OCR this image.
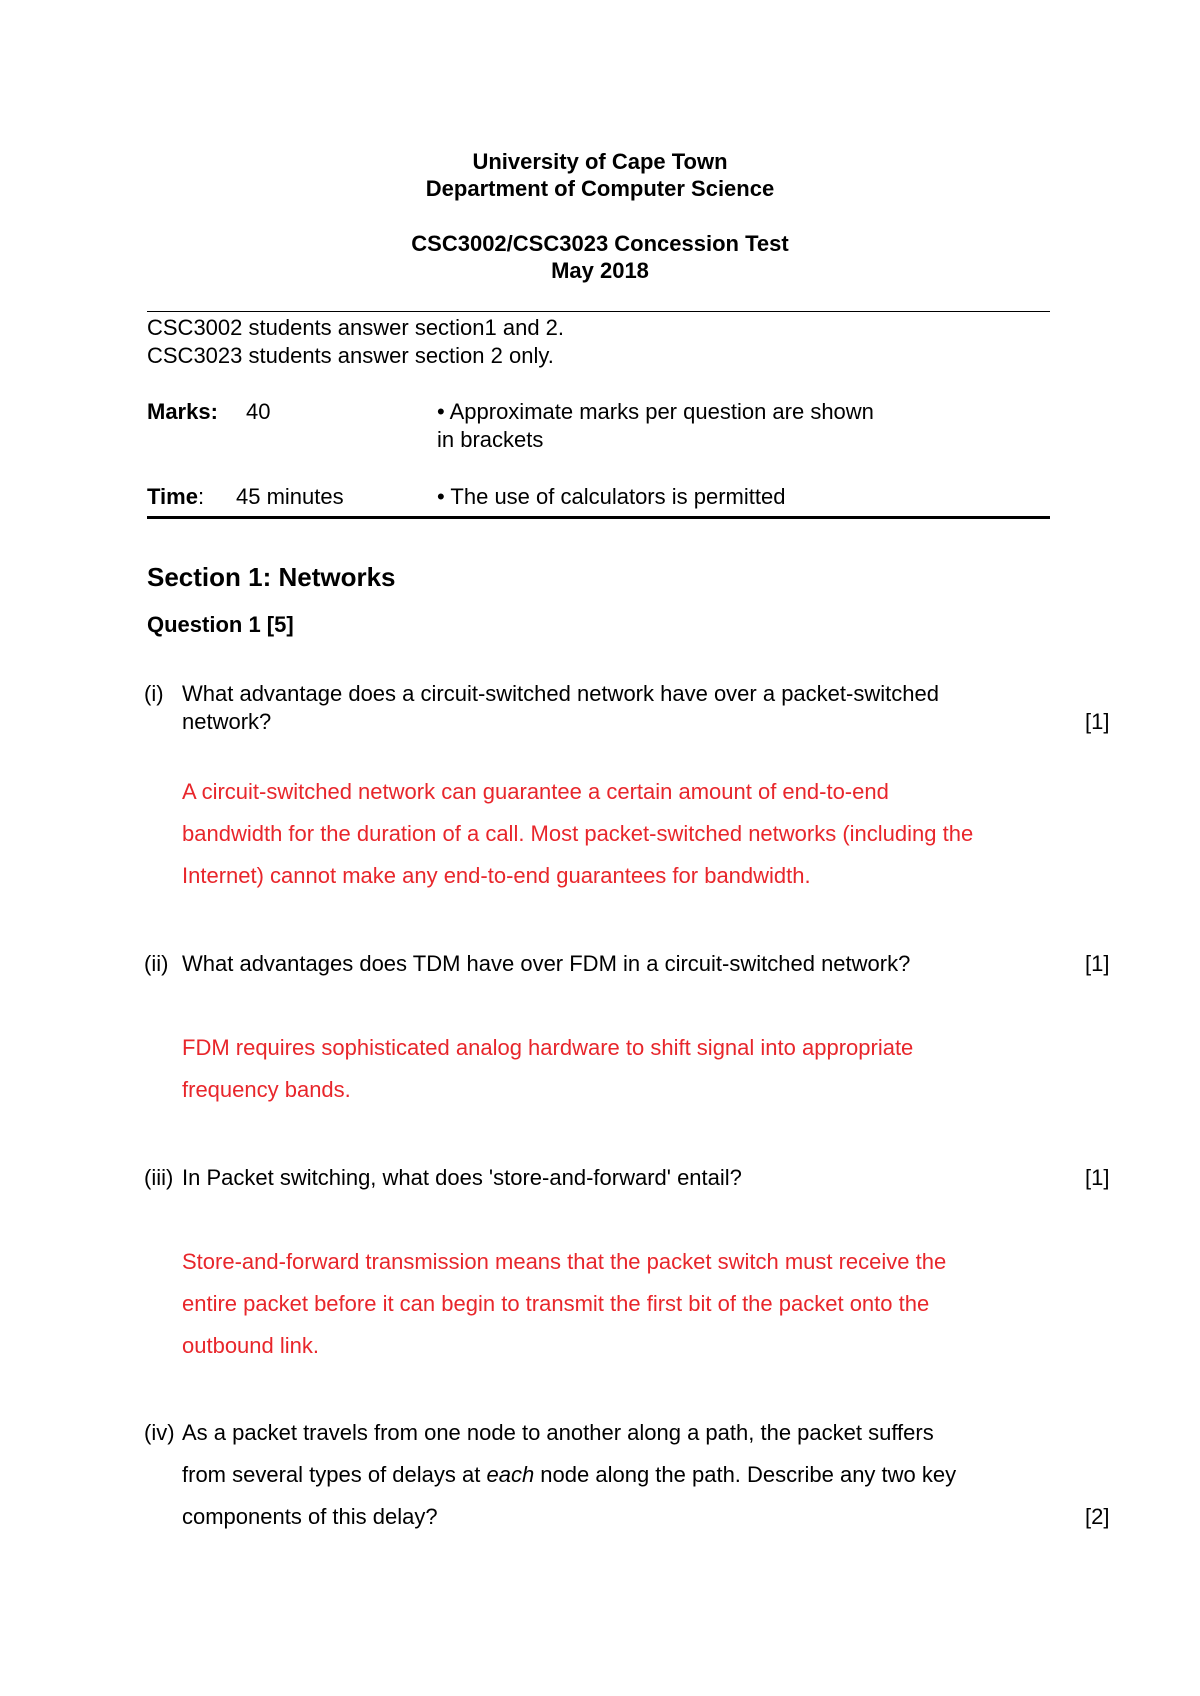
University of Cape Town
Department of Computer Science
CSC3002/CSC3023 Concession Test
May 2018
CSC3002 students answer section1 and 2.
CSC3023 students answer section 2 only.
Marks: 40	• Approximate marks per question are shown
in brackets
Time: 45 minutes	• The use of calculators is permitted
Section 1: Networks
Question 1 [5]
(i) What advantage does a circuit-switched network have over a packet-switched
network?	[1]
A circuit-switched network can guarantee a certain amount of end-to-end
bandwidth for the duration of a call. Most packet-switched networks (including the
Internet) cannot make any end-to-end guarantees for bandwidth.
(ii) What advantages does TDM have over FDM in a circuit-switched network?	[1]
FDM requires sophisticated analog hardware to shift signal into appropriate
frequency bands.
(iii) In Packet switching, what does 'store-and-forward' entail?	[1]
Store-and-forward transmission means that the packet switch must receive the
entire packet before it can begin to transmit the first bit of the packet onto the
outbound link.
(iv) As a packet travels from one node to another along a path, the packet suffers
from several types of delays at each node along the path. Describe any two key
components of this delay?	[2]
